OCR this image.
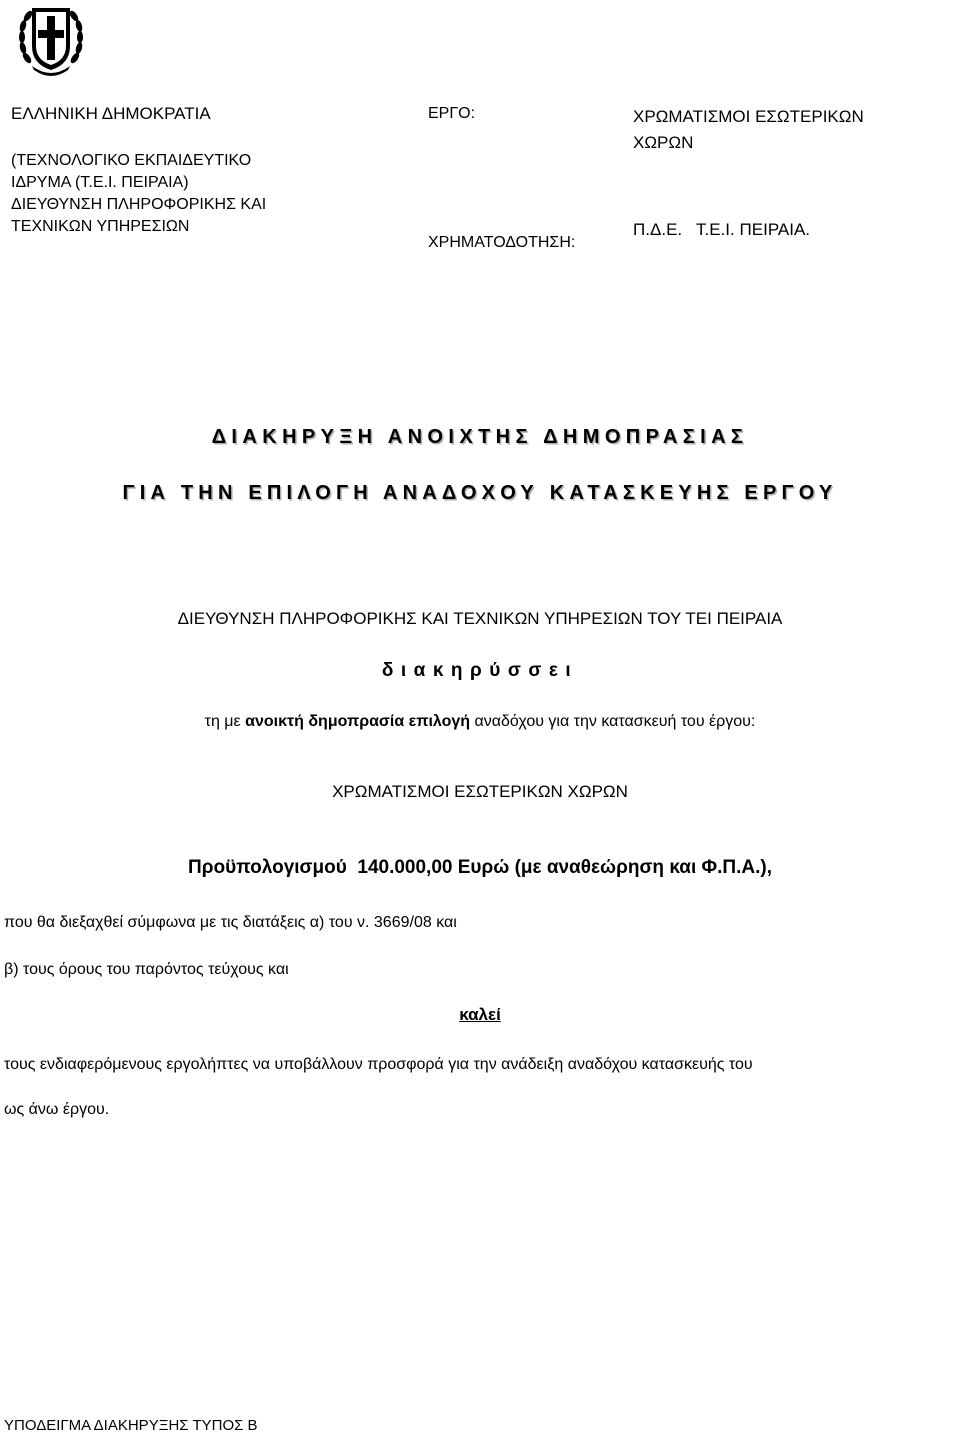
ΕΛΛΗΝΙΚΗ ΔΗΜΟΚΡΑΤΙΑ
(ΤΕΧΝΟΛΟΓΙΚΟ ΕΚΠΑΙΔΕΥΤΙΚΟ
ΙΔΡΥΜΑ (Τ.Ε.Ι. ΠΕΙΡΑΙΑ)
ΔΙΕΥΘΥΝΣΗ ΠΛΗΡΟΦΟΡΙΚΗΣ ΚΑΙ
ΤΕΧΝΙΚΩΝ ΥΠΗΡΕΣΙΩΝ
ΕΡΓΟ:	ΧΡΩΜΑΤΙΣΜΟΙ ΕΣΩΤΕΡΙΚΩΝ
ΧΩΡΩΝ
ΧΡΗΜΑΤΟΔΟΤΗΣΗ:
Π.Δ.Ε.   Τ.Ε.Ι. ΠΕΙΡΑΙΑ.
ΔΙΑΚΗΡΥΞΗ ΑΝΟΙΧΤΗΣ ΔΗΜΟΠΡΑΣΙΑΣ
ΓΙΑ ΤΗΝ ΕΠΙΛΟΓΗ ΑΝΑΔΟΧΟΥ ΚΑΤΑΣΚΕΥΗΣ ΕΡΓΟΥ
ΔΙΕΥΘΥΝΣΗ ΠΛΗΡΟΦΟΡΙΚΗΣ ΚΑΙ ΤΕΧΝΙΚΩΝ ΥΠΗΡΕΣΙΩΝ ΤΟΥ ΤΕΙ ΠΕΙΡΑΙΑ
διακηρύσσει
τη με ανοικτή δημοπρασία επιλογή αναδόχου για την κατασκευή του έργου:
ΧΡΩΜΑΤΙΣΜΟΙ ΕΣΩΤΕΡΙΚΩΝ ΧΩΡΩΝ
Προϋπολογισμού  140.000,00 Ευρώ (με αναθεώρηση και Φ.Π.Α.),
που θα διεξαχθεί σύμφωνα με τις διατάξεις α) του ν. 3669/08 και
β) τους όρους του παρόντος τεύχους και
καλεί
τους ενδιαφερόμενους εργολήπτες να υποβάλλουν προσφορά για την ανάδειξη αναδόχου κατασκευής του
ως άνω έργου.
ΥΠΟΔΕΙΓΜΑ ΔΙΑΚΗΡΥΞΗΣ ΤΥΠΟΣ Β
